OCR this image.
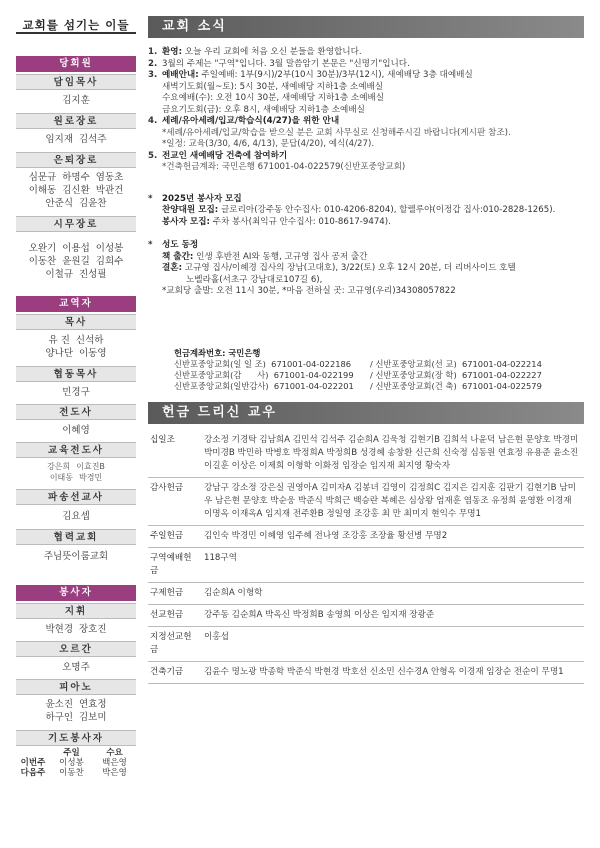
교회를 섬기는 이들
당회원
담임목사
김지훈
원로장로
임지재 김석주
은퇴장로
심문규 하명수 염동초
이해동 김신환 박관건
안준식 김윤찬
시무장로
오완기 이용섭 이성봉
이동찬 윤원길 김희수
이철규 진성필
교역자
목사
유 진 신석하
양나단 이동영
협동목사
민경구
전도사
이혜영
교육전도사
강은희 이효진B
이태동 박경민
파송선교사
김요셉
협력교회
주님뜻이룸교회
봉사자
지휘
박현경 장호진
오르간
오명주
피아노
윤소진 연효정
하구인 김보미
기도봉사자
주일	수요
이번주	이성봉	백은영
다음주	이동찬	박은영
교회 소식
1. 환영: 오늘 우리 교회에 처음 오신 분들을 환영합니다.
2. 3월의 주제는 "구역"입니다. 3월 말씀암기 본문은 "신명기"입니다.
3. 예배안내: 주일예배: 1부(9시)/2부(10시 30분)/3부(12시), 새예배당 3층 대예배실
새벽기도회(월~토): 5시 30분, 새예배당 지하1층 소예배실
수요예배(수): 오전 10시 30분, 새예배당 지하1층 소예배실
금요기도회(금): 오후 8시, 새예배당 지하1층 소예배실
4. 세례/유아세례/입교/학습식(4/27)을 위한 안내
*세례/유아세례/입교/학습을 받으실 분은 교회 사무실로 신청해주시길 바랍니다(게시판 참조).
*일정: 교육(3/30, 4/6, 4/13), 문답(4/20), 예식(4/27).
5. 전교인 새예배당 건축에 참여하기
*건축헌금계좌: 국민은행 671001-04-022579(신반포중앙교회)
*	2025년 봉사자 모집
찬양대원 모집: 글로리아(강주동 안수집사: 010-4206-8204), 할렐루야(이정갑 집사:010-2828-1265).
봉사자 모집: 주차 봉사(최익규 안수집사: 010-8617-9474).
*	성도 동정
책 출간: 인생 후반전 AI와 동행, 고규영 집사 공저 출간
결혼: 고규영 집사/이혜경 집사의 장남(고대호), 3/22(토) 오후 12시 20분, 더 리버사이드 호텔
노벨라홀(서초구 강남대로107길 6),
*교회당 출발: 오전 11시 30분, *마음 전하실 곳: 고규영(우리)34308057822
헌금계좌번호: 국민은행
신반포중앙교회(일 일 조)  671001-04-022186	/ 신반포중앙교회(선 교)  671001-04-022214
신반포중앙교회(감      사)  671001-04-022199	/ 신반포중앙교회(장 학)  671001-04-022227
신반포중앙교회(일반감사)  671001-04-022201	/ 신반포중앙교회(건 축)  671001-04-022579
헌금 드리신 교우
십일조	강소정 기경탁 김남희A 김민석 김석주 김순희A 김욱청 김현기B 김희석 나윤덕 남은현 문양호 박경미 박미경B 박민하 박병호 박정희A 박정희B 성경혜 송창환 신근희 신숙정 심동원 연효정 유용준 윤소진 이길훈 이상은 이제희 이형학 이화정 임장순 임지재 최지영 황숙자
감사헌금	강남구 강소정 강은실 권영아A 김미자A 김봉녀 김영이 김정희C 김지은 김지훈 김판기 김현기B 남미우 남은현 문양호 박순웅 박준식 박희근 백승란 복혜은 심상왕 엄재훈 염동조 유정희 윤영환 이경재 이명옥 이재옥A 임지재 전주환B 정일영 조강홍 최 만 최미지 현익수 무명1
주일헌금	김인숙 박경민 이혜영 임주혜 전나영 조강홍 조장율 황선병 무명2
구역예배헌금	118구역
구제헌금	김순희A 이형학
선교헌금	강주동 김순희A 박옥신 박정희B 송영희 이상은 임지재 장광준
지정선교헌금	이홍섭
건축기금	김윤수 명노광 박종학 박준식 박현경 박호선 신소민 신수경A 안형옥 이경재 임장순 전순이 무명1
